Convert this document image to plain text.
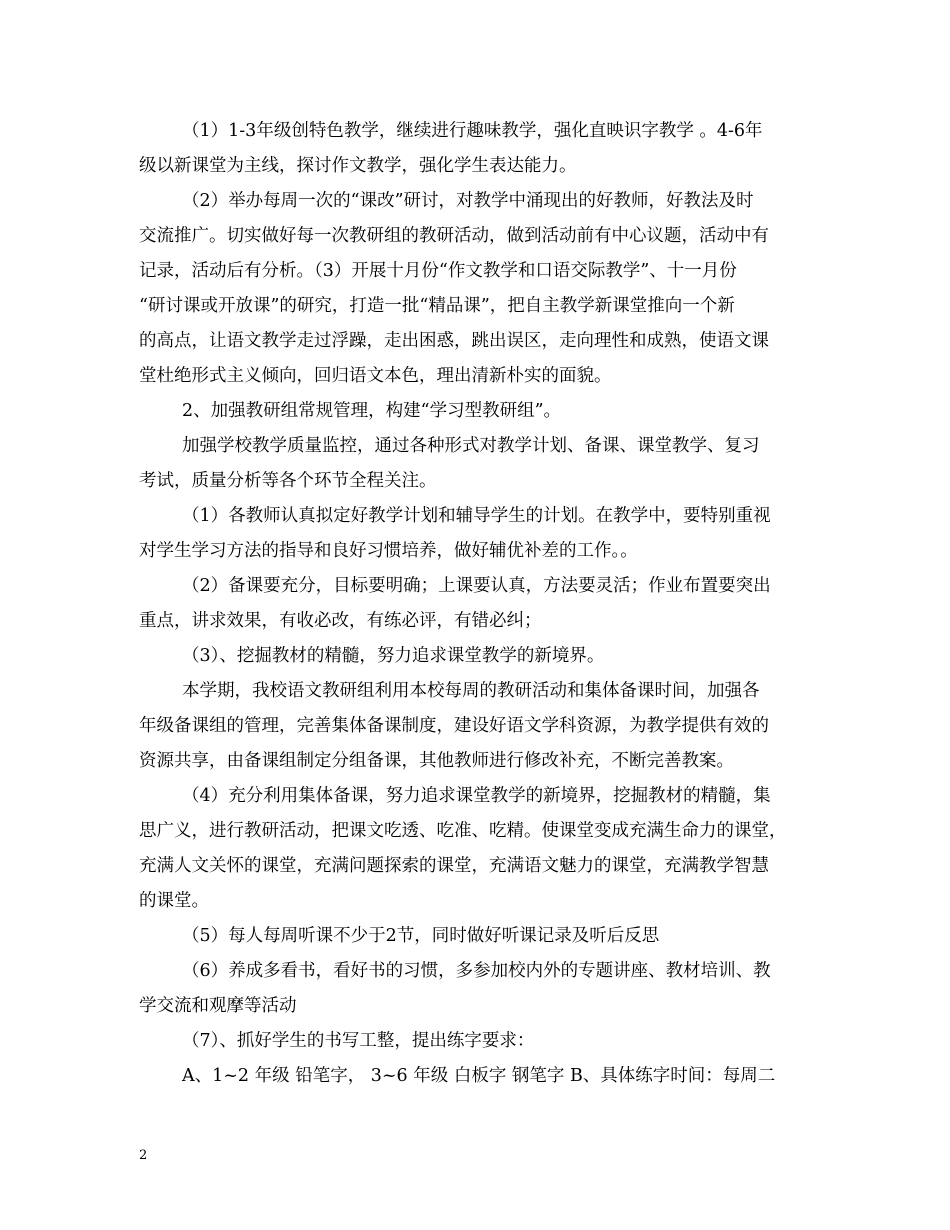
（1）1-3年级创特色教学，继续进行趣味教学，强化直映识字教学 。4-6年
级以新课堂为主线，探讨作文教学，强化学生表达能力。
（2）举办每周一次的“课改”研讨，对教学中涌现出的好教师，好教法及时
交流推广。切实做好每一次教研组的教研活动，做到活动前有中心议题，活动中有
记录，活动后有分析。（3）开展十月份“作文教学和口语交际教学”、十一月份
“研讨课或开放课”的研究，打造一批“精品课”，把自主教学新课堂推向一个新
的高点，让语文教学走过浮躁，走出困惑，跳出误区，走向理性和成熟，使语文课
堂杜绝形式主义倾向，回归语文本色，理出清新朴实的面貌。
2、加强教研组常规管理，构建“学习型教研组”。
加强学校教学质量监控，通过各种形式对教学计划、备课、课堂教学、复习
考试，质量分析等各个环节全程关注。
（1）各教师认真拟定好教学计划和辅导学生的计划。在教学中，要特别重视
对学生学习方法的指导和良好习惯培养，做好辅优补差的工作。。
（2）备课要充分，目标要明确；上课要认真，方法要灵活；作业布置要突出
重点，讲求效果，有收必改，有练必评，有错必纠；
（3）、挖掘教材的精髓，努力追求课堂教学的新境界。
本学期，我校语文教研组利用本校每周的教研活动和集体备课时间，加强各
年级备课组的管理，完善集体备课制度，建设好语文学科资源，为教学提供有效的
资源共享，由备课组制定分组备课，其他教师进行修改补充，不断完善教案。
（4）充分利用集体备课，努力追求课堂教学的新境界，挖掘教材的精髓，集
思广义，进行教研活动，把课文吃透、吃准、吃精。使课堂变成充满生命力的课堂，
充满人文关怀的课堂，充满问题探索的课堂，充满语文魅力的课堂，充满教学智慧
的课堂。
（5）每人每周听课不少于2节，同时做好听课记录及听后反思
（6）养成多看书，看好书的习惯，多参加校内外的专题讲座、教材培训、教
学交流和观摩等活动
（7）、抓好学生的书写工整，提出练字要求：
A、1~2 年级 铅笔字， 3~6 年级 白板字 钢笔字 B、具体练字时间：每周二
2
